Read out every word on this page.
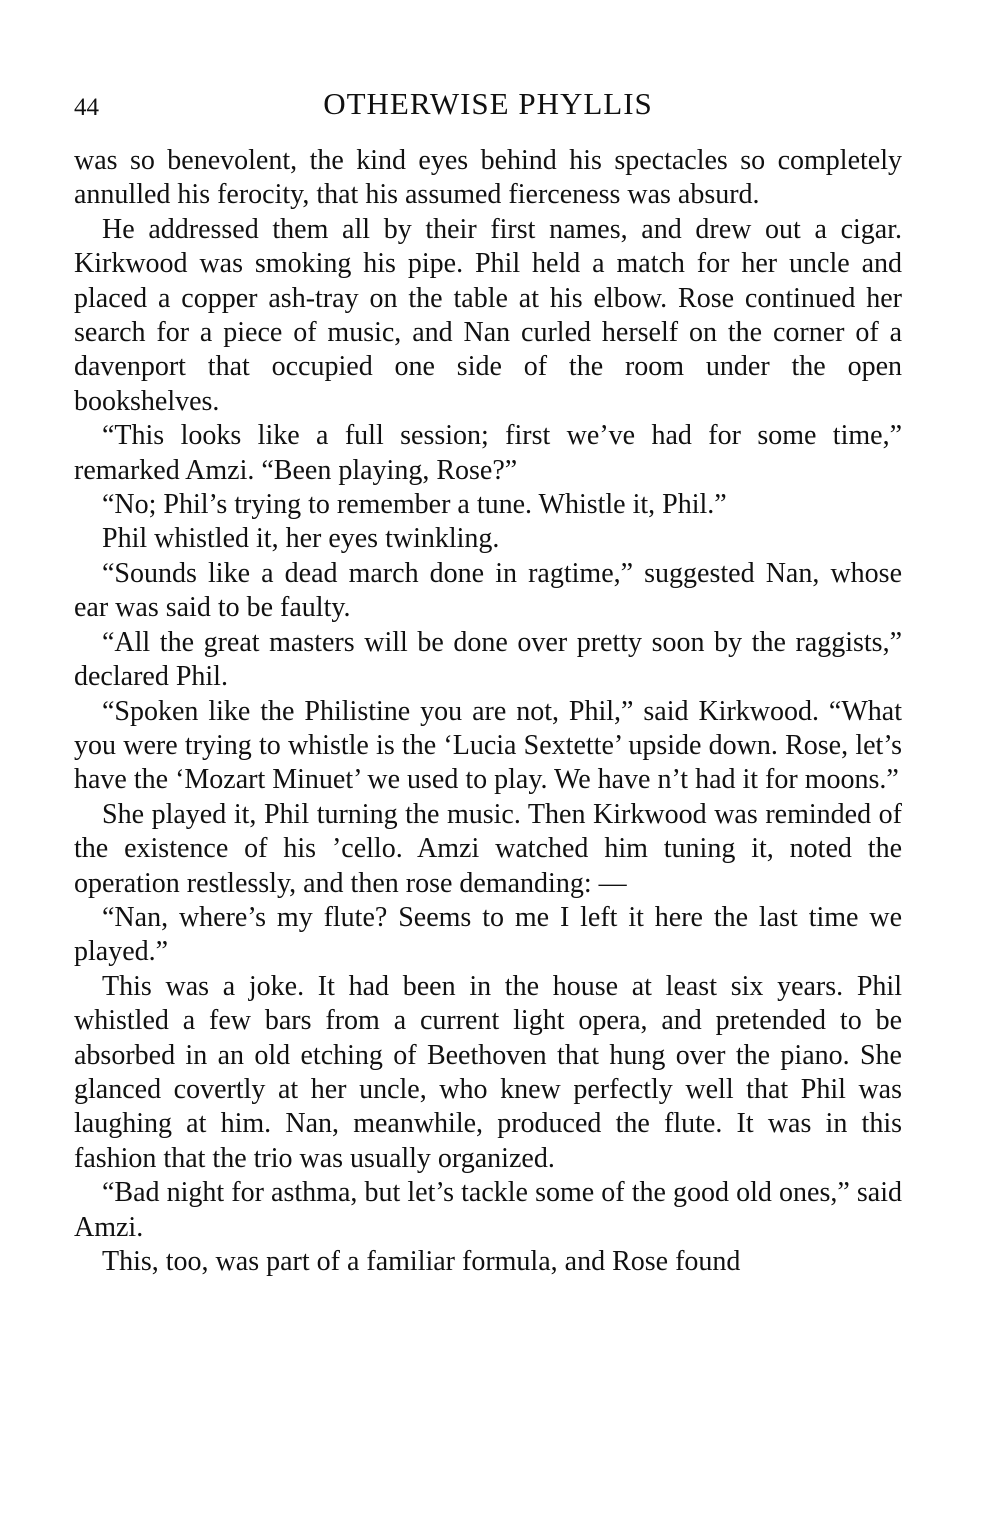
44	OTHERWISE PHYLLIS

was so benevolent, the kind eyes behind his spectacles so completely annulled his ferocity, that his assumed fierceness was absurd.

He addressed them all by their first names, and drew out a cigar. Kirkwood was smoking his pipe. Phil held a match for her uncle and placed a copper ash-tray on the table at his elbow. Rose continued her search for a piece of music, and Nan curled herself on the corner of a davenport that occupied one side of the room under the open bookshelves.

“This looks like a full session; first we’ve had for some time,” remarked Amzi. “Been playing, Rose?”

“No; Phil’s trying to remember a tune. Whistle it, Phil.”

Phil whistled it, her eyes twinkling.

“Sounds like a dead march done in ragtime,” suggested Nan, whose ear was said to be faulty.

“All the great masters will be done over pretty soon by the raggists,” declared Phil.

“Spoken like the Philistine you are not, Phil,” said Kirkwood. “What you were trying to whistle is the ‘Lucia Sextette’ upside down. Rose, let’s have the ‘Mozart Minuet’ we used to play. We have n’t had it for moons.”

She played it, Phil turning the music. Then Kirkwood was reminded of the existence of his ’cello. Amzi watched him tuning it, noted the operation restlessly, and then rose demanding: —

“Nan, where’s my flute? Seems to me I left it here the last time we played.”

This was a joke. It had been in the house at least six years. Phil whistled a few bars from a current light opera, and pretended to be absorbed in an old etching of Beethoven that hung over the piano. She glanced covertly at her uncle, who knew perfectly well that Phil was laughing at him. Nan, meanwhile, produced the flute. It was in this fashion that the trio was usually organized.

“Bad night for asthma, but let’s tackle some of the good old ones,” said Amzi.

This, too, was part of a familiar formula, and Rose found
